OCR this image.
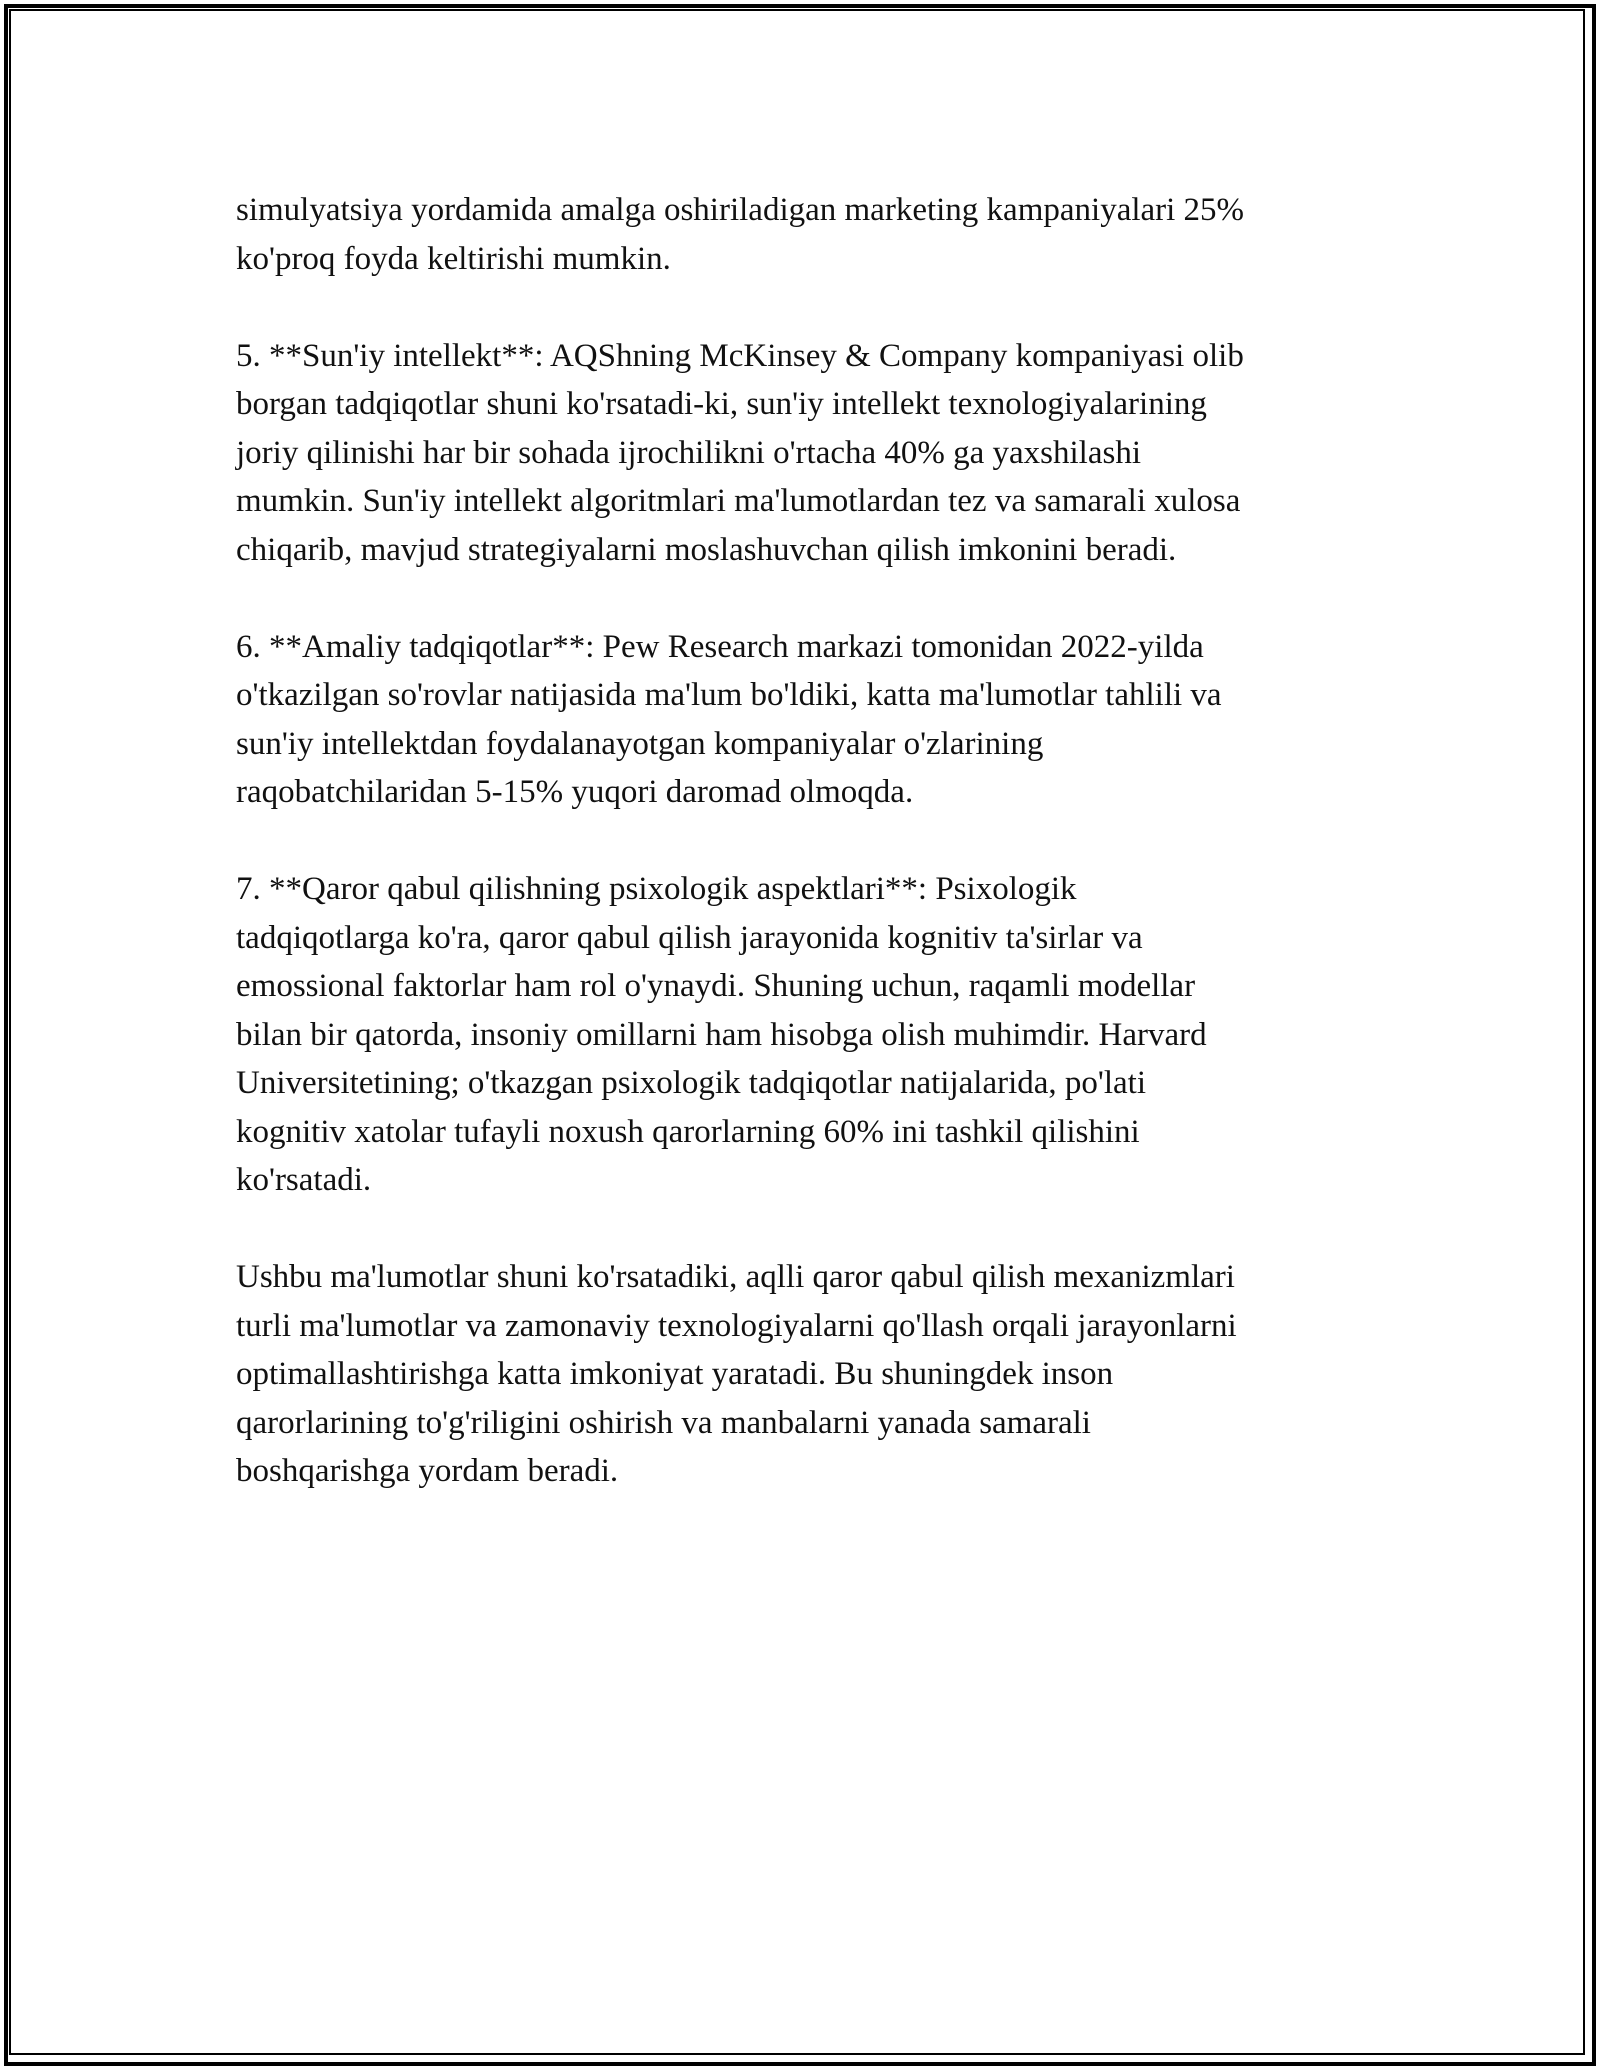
simulyatsiya yordamida amalga oshiriladigan marketing kampaniyalari 25%
ko'proq foyda keltirishi mumkin.

5. **Sun'iy intellekt**: AQShning McKinsey & Company kompaniyasi olib
borgan tadqiqotlar shuni ko'rsatadi-ki, sun'iy intellekt texnologiyalarining
joriy qilinishi har bir sohada ijrochilikni o'rtacha 40% ga yaxshilashi
mumkin. Sun'iy intellekt algoritmlari ma'lumotlardan tez va samarali xulosa
chiqarib, mavjud strategiyalarni moslashuvchan qilish imkonini beradi.

6. **Amaliy tadqiqotlar**: Pew Research markazi tomonidan 2022-yilda
o'tkazilgan so'rovlar natijasida ma'lum bo'ldiki, katta ma'lumotlar tahlili va
sun'iy intellektdan foydalanayotgan kompaniyalar o'zlarining
raqobatchilaridan 5-15% yuqori daromad olmoqda.

7. **Qaror qabul qilishning psixologik aspektlari**: Psixologik
tadqiqotlarga ko'ra, qaror qabul qilish jarayonida kognitiv ta'sirlar va
emossional faktorlar ham rol o'ynaydi. Shuning uchun, raqamli modellar
bilan bir qatorda, insoniy omillarni ham hisobga olish muhimdir. Harvard
Universitetining; o'tkazgan psixologik tadqiqotlar natijalarida, po'lati
kognitiv xatolar tufayli noxush qarorlarning 60% ini tashkil qilishini
ko'rsatadi.

Ushbu ma'lumotlar shuni ko'rsatadiki, aqlli qaror qabul qilish mexanizmlari
turli ma'lumotlar va zamonaviy texnologiyalarni qo'llash orqali jarayonlarni
optimallashtirishga katta imkoniyat yaratadi. Bu shuningdek inson
qarorlarining to'g'riligini oshirish va manbalarni yanada samarali
boshqarishga yordam beradi.
